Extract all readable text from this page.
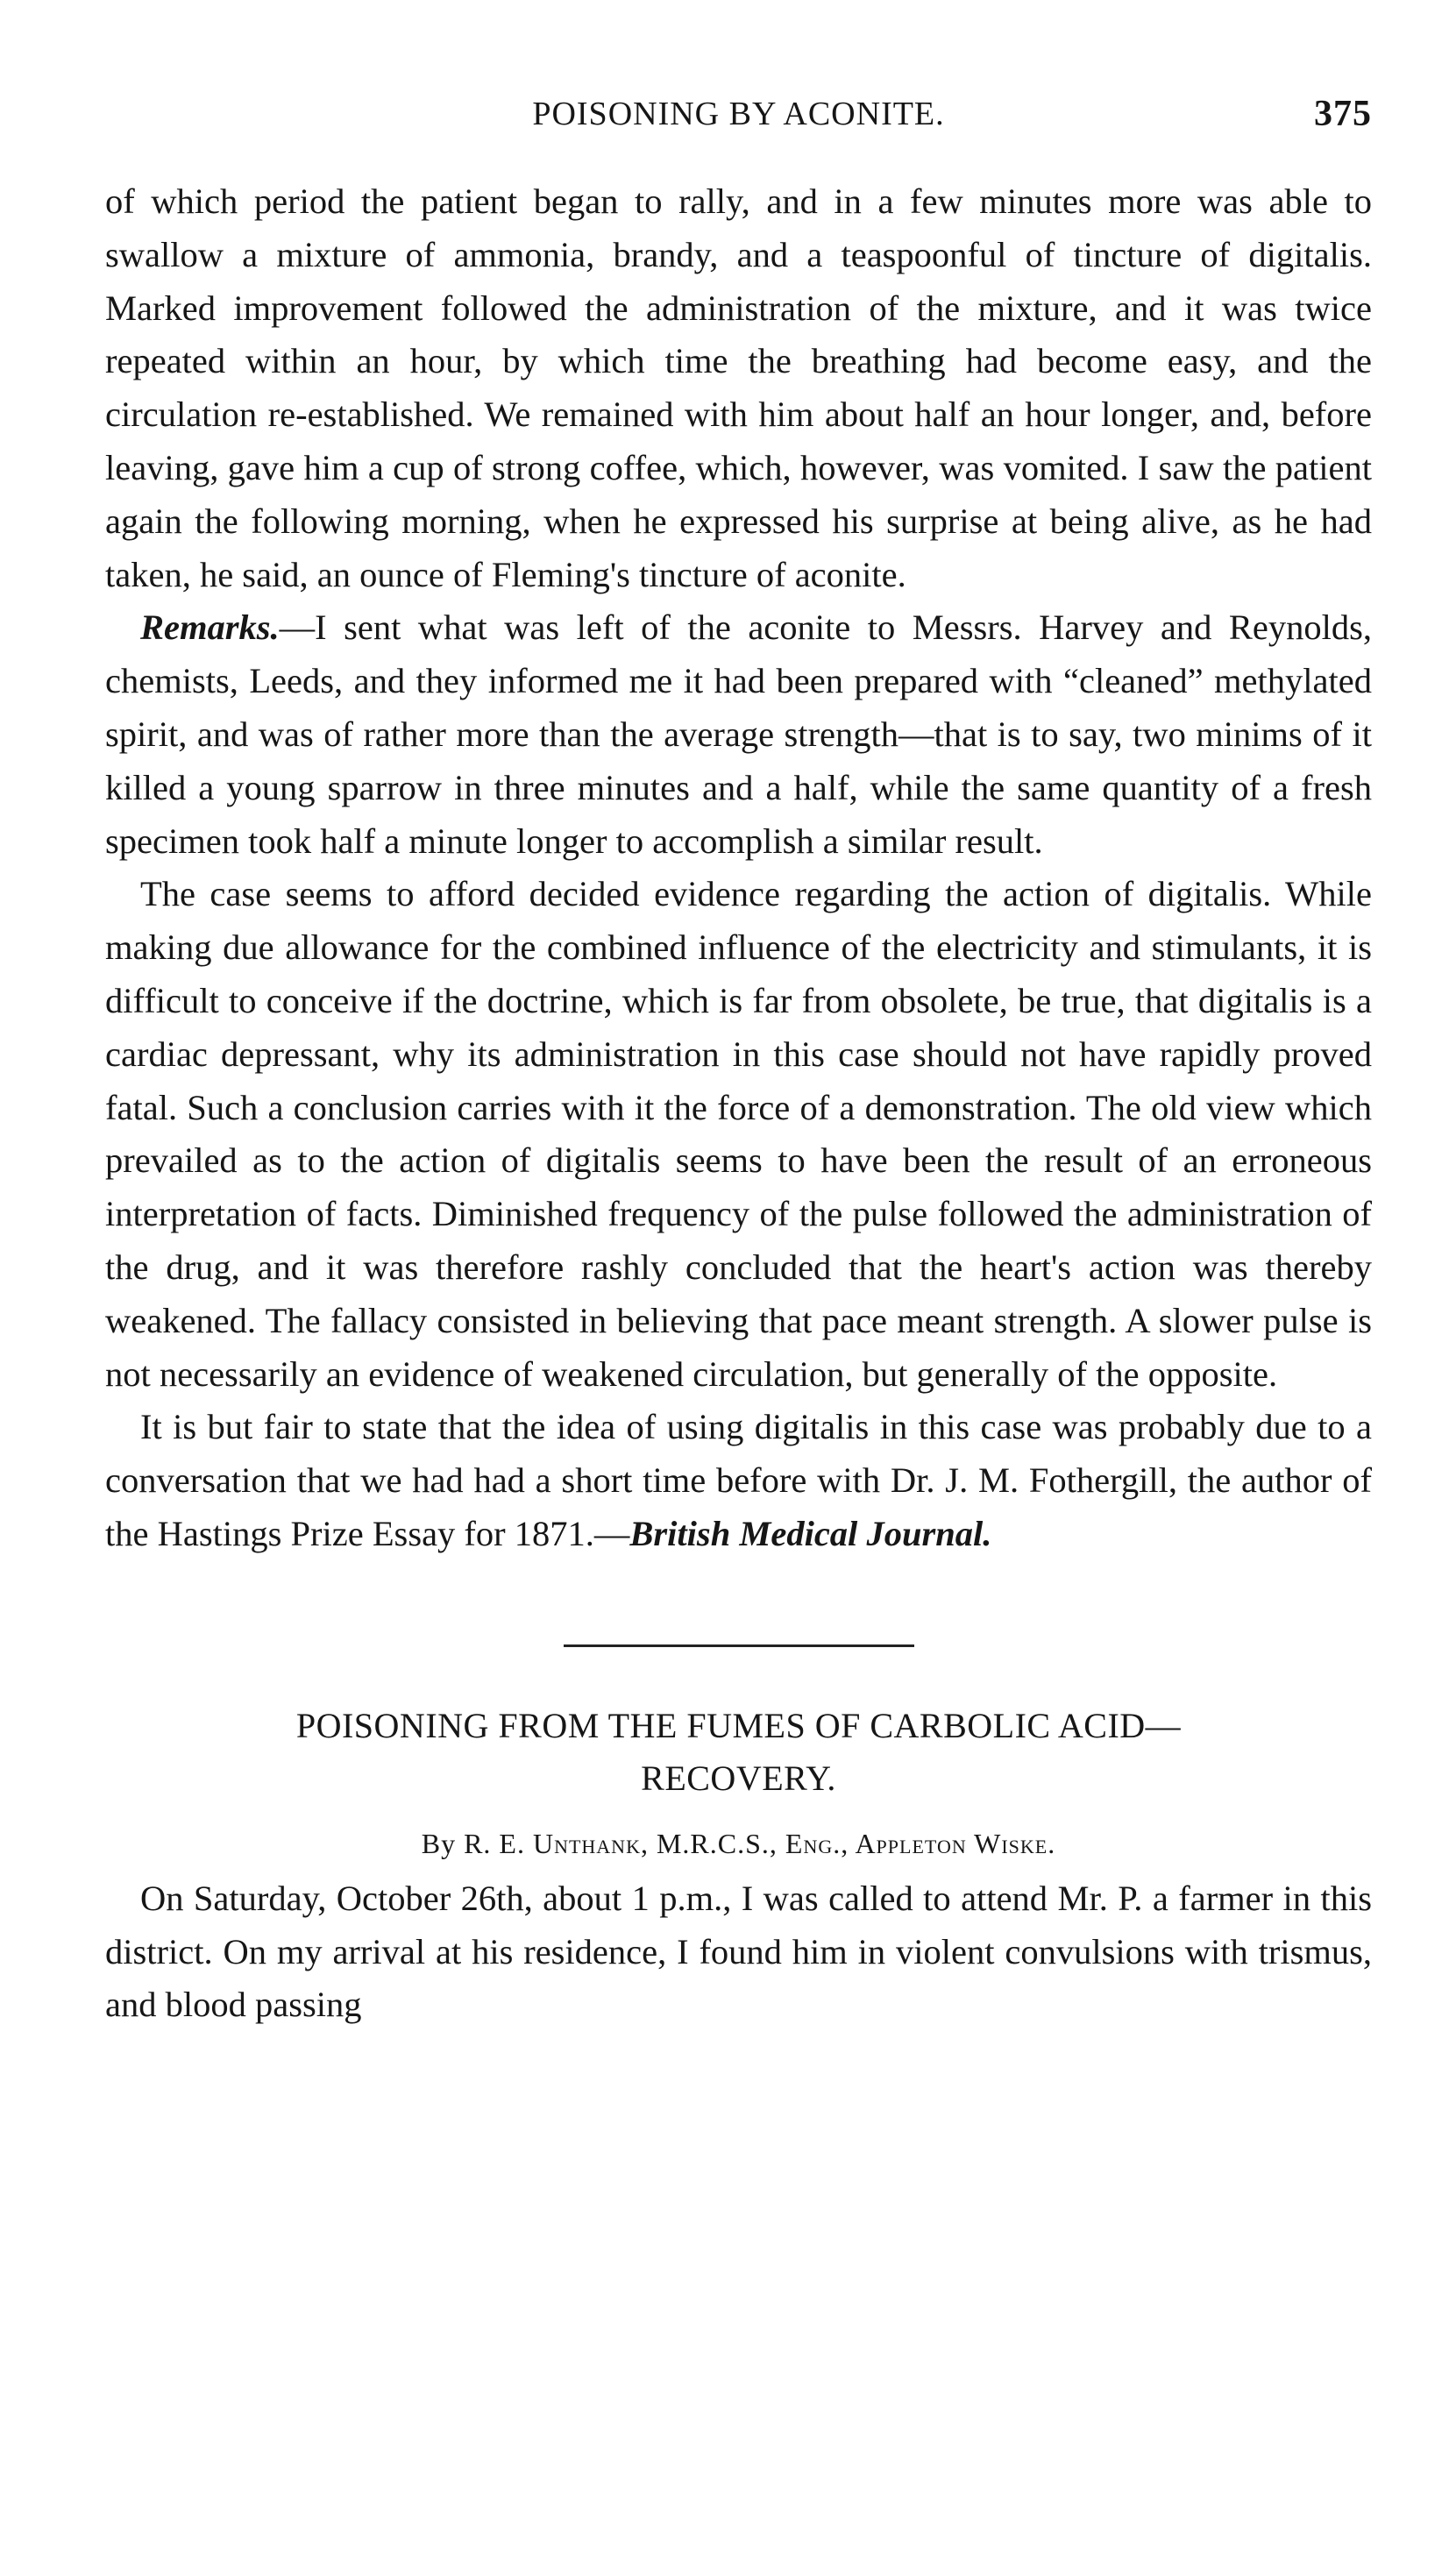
POISONING BY ACONITE.	375

of which period the patient began to rally, and in a few minutes more was able to swallow a mixture of ammonia, brandy, and a teaspoonful of tincture of digitalis. Marked improvement followed the administration of the mixture, and it was twice repeated within an hour, by which time the breathing had become easy, and the circulation re-established. We remained with him about half an hour longer, and, before leaving, gave him a cup of strong coffee, which, however, was vomited. I saw the patient again the following morning, when he expressed his surprise at being alive, as he had taken, he said, an ounce of Fleming's tincture of aconite.

Remarks.—I sent what was left of the aconite to Messrs. Harvey and Reynolds, chemists, Leeds, and they informed me it had been prepared with “cleaned” methylated spirit, and was of rather more than the average strength—that is to say, two minims of it killed a young sparrow in three minutes and a half, while the same quantity of a fresh specimen took half a minute longer to accomplish a similar result.

The case seems to afford decided evidence regarding the action of digitalis. While making due allowance for the combined influence of the electricity and stimulants, it is difficult to conceive if the doctrine, which is far from obsolete, be true, that digitalis is a cardiac depressant, why its administration in this case should not have rapidly proved fatal. Such a conclusion carries with it the force of a demonstration. The old view which prevailed as to the action of digitalis seems to have been the result of an erroneous interpretation of facts. Diminished frequency of the pulse followed the administration of the drug, and it was therefore rashly concluded that the heart's action was thereby weakened. The fallacy consisted in believing that pace meant strength. A slower pulse is not necessarily an evidence of weakened circulation, but generally of the opposite.

It is but fair to state that the idea of using digitalis in this case was probably due to a conversation that we had had a short time before with Dr. J. M. Fothergill, the author of the Hastings Prize Essay for 1871.—British Medical Journal.

POISONING FROM THE FUMES OF CARBOLIC ACID—
RECOVERY.
By R. E. Unthank, M.R.C.S., Eng., Appleton Wiske.

On Saturday, October 26th, about 1 p.m., I was called to attend Mr. P. a farmer in this district. On my arrival at his residence, I found him in violent convulsions with trismus, and blood passing
